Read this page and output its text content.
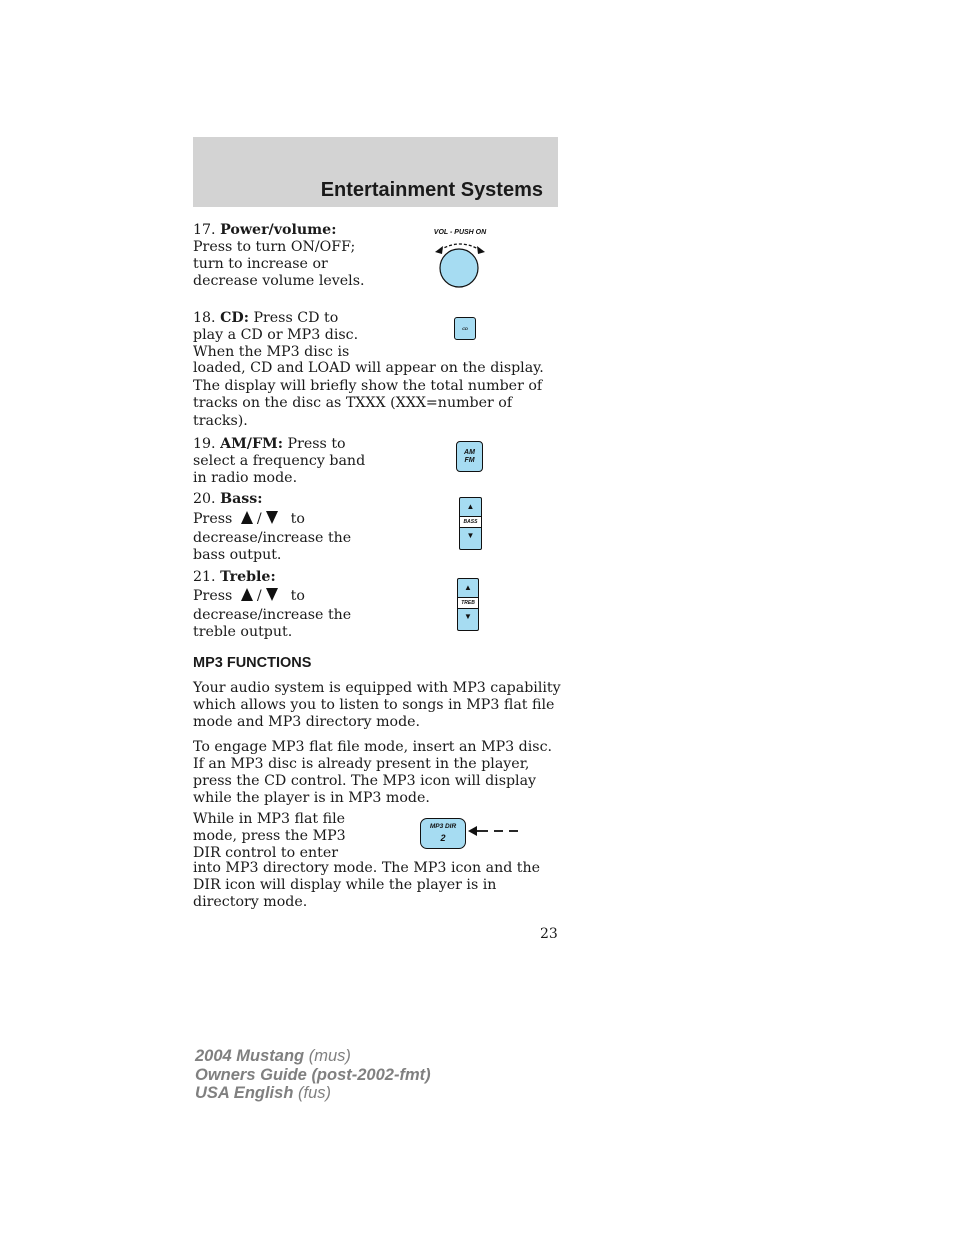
Entertainment Systems
17. Power/volume:
Press to turn ON/OFF;
turn to increase or
decrease volume levels.
VOL - PUSH ON
18. CD: Press CD to
play a CD or MP3 disc.
When the MP3 disc is
loaded, CD and LOAD will appear on the display. The display will briefly show the total number of tracks on the disc as TXXX (XXX=number of tracks).
CD
19. AM/FM: Press to
select a frequency band
in radio mode.
AM
FM
20. Bass:
Press / to
decrease/increase the
bass output.
▲
BASS
▼
21. Treble:
Press / to
decrease/increase the
treble output.
▲
TREB
▼
MP3 FUNCTIONS
Your audio system is equipped with MP3 capability which allows you to listen to songs in MP3 flat file mode and MP3 directory mode.
To engage MP3 flat file mode, insert an MP3 disc. If an MP3 disc is already present in the player, press the CD control. The MP3 icon will display while the player is in MP3 mode.
While in MP3 flat file
mode, press the MP3
DIR control to enter
into MP3 directory mode. The MP3 icon and the DIR icon will display while the player is in directory mode.
MP3 DIR
2
23
2004 Mustang (mus)
Owners Guide (post-2002-fmt)
USA English (fus)
